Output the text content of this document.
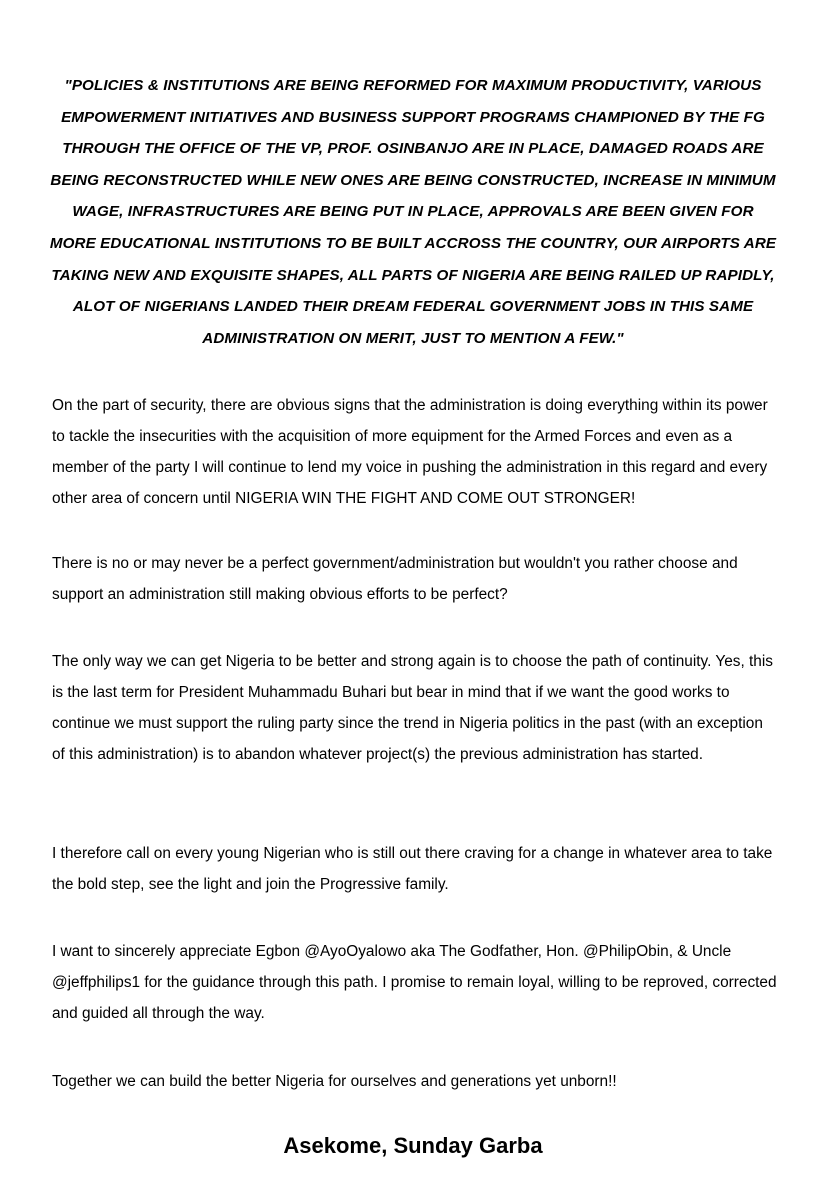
"POLICIES & INSTITUTIONS ARE BEING REFORMED FOR MAXIMUM PRODUCTIVITY, VARIOUS EMPOWERMENT INITIATIVES AND BUSINESS SUPPORT PROGRAMS CHAMPIONED BY THE FG THROUGH THE OFFICE OF THE VP, PROF. OSINBANJO ARE IN PLACE, DAMAGED ROADS ARE BEING RECONSTRUCTED WHILE NEW ONES ARE BEING CONSTRUCTED, INCREASE IN MINIMUM WAGE, INFRASTRUCTURES ARE BEING PUT IN PLACE, APPROVALS ARE BEEN GIVEN FOR MORE EDUCATIONAL INSTITUTIONS TO BE BUILT ACCROSS THE COUNTRY, OUR AIRPORTS ARE TAKING NEW AND EXQUISITE SHAPES, ALL PARTS OF NIGERIA ARE BEING RAILED UP RAPIDLY, ALOT OF NIGERIANS LANDED THEIR DREAM FEDERAL GOVERNMENT JOBS IN THIS SAME ADMINISTRATION ON MERIT, JUST TO MENTION A FEW."

On the part of security, there are obvious signs that the administration is doing everything within its power to tackle the insecurities with the acquisition of more equipment for the Armed Forces and even as a member of the party I will continue to lend my voice in pushing the administration in this regard and every other area of concern until NIGERIA WIN THE FIGHT AND COME OUT STRONGER!

There is no or may never be a perfect government/administration but wouldn't you rather choose and support an administration still making obvious efforts to be perfect?

The only way we can get Nigeria to be better and strong again is to choose the path of continuity. Yes, this is the last term for President Muhammadu Buhari but bear in mind that if we want the good works to continue we must support the ruling party since the trend in Nigeria politics in the past (with an exception of this administration) is to abandon whatever project(s) the previous administration has started.

I therefore call on every young Nigerian who is still out there craving for a change in whatever area to take the bold step, see the light and join the Progressive family.

I want to sincerely appreciate Egbon @AyoOyalowo aka The Godfather, Hon. @PhilipObin, & Uncle @jeffphilips1 for the guidance through this path. I promise to remain loyal, willing to be reproved, corrected and guided all through the way.

Together we can build the better Nigeria for ourselves and generations yet unborn!!

Asekome, Sunday Garba
